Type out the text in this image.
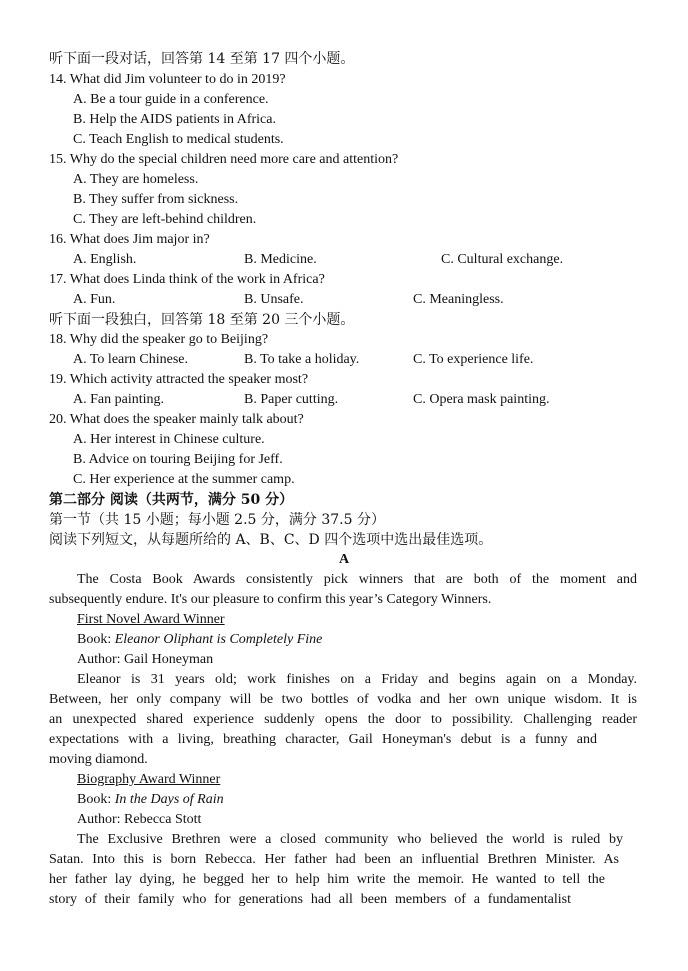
听下面一段对话，回答第 14 至第 17 四个小题。
14. What did Jim volunteer to do in 2019?
A. Be a tour guide in a conference.
B. Help the AIDS patients in Africa.
C. Teach English to medical students.
15. Why do the special children need more care and attention?
A. They are homeless.
B. They suffer from sickness.
C. They are left-behind children.
16. What does Jim major in?
A. English.	B. Medicine.	C. Cultural exchange.
17. What does Linda think of the work in Africa?
A. Fun.	B. Unsafe.	C. Meaningless.
听下面一段独白，回答第 18 至第 20 三个小题。
18. Why did the speaker go to Beijing?
A. To learn Chinese.	B. To take a holiday.	C. To experience life.
19. Which activity attracted the speaker most?
A. Fan painting.	B. Paper cutting.	C. Opera mask painting.
20. What does the speaker mainly talk about?
A. Her interest in Chinese culture.
B. Advice on touring Beijing for Jeff.
C. Her experience at the summer camp.
第二部分 阅读（共两节，满分 50 分）
第一节（共 15 小题；每小题 2.5 分，满分 37.5 分）
阅读下列短文，从每题所给的 A、B、C、D 四个选项中选出最佳选项。
A
The Costa Book Awards consistently pick winners that are both of the moment and
subsequently endure. It's our pleasure to confirm this year’s Category Winners.
First Novel Award Winner
Book: Eleanor Oliphant is Completely Fine
Author: Gail Honeyman
Eleanor is 31 years old; work finishes on a Friday and begins again on a Monday.
Between, her only company will be two bottles of vodka and her own unique wisdom. It is
an unexpected shared experience suddenly opens the door to possibility. Challenging reader
expectations with a living, breathing character, Gail Honeyman's debut is a funny and
moving diamond.
Biography Award Winner
Book: In the Days of Rain
Author: Rebecca Stott
The Exclusive Brethren were a closed community who believed the world is ruled by
Satan. Into this is born Rebecca. Her father had been an influential Brethren Minister. As
her father lay dying, he begged her to help him write the memoir. He wanted to tell the
story of their family who for generations had all been members of a fundamentalist
